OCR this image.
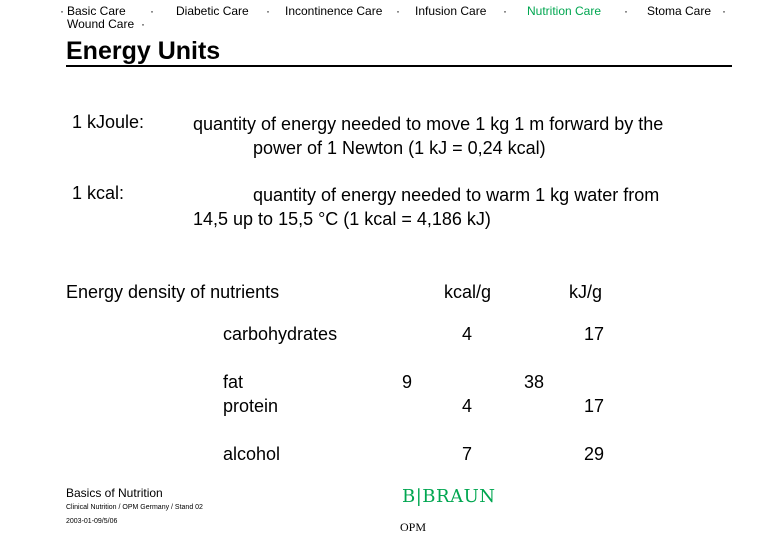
· Basic Care · Diabetic Care · Incontinence Care · Infusion Care · Nutrition Care · Stoma Care ·
Wound Care ·
Energy Units
1 kJoule:	quantity of energy needed to move 1 kg 1 m forward by the
power of 1 Newton (1 kJ = 0,24 kcal)
1 kcal:	quantity of energy needed to warm 1 kg water from
14,5 up to 15,5 °C (1 kcal = 4,186 kJ)
Energy density of nutrients	kcal/g	kJ/g
carbohydrates	4	17
fat	9	38
protein	4	17
alcohol	7	29
Basics of Nutrition
Clinical Nutrition / OPM Germany / Stand 02
2003-01-09/5/06
B|BRAUN
OPM
